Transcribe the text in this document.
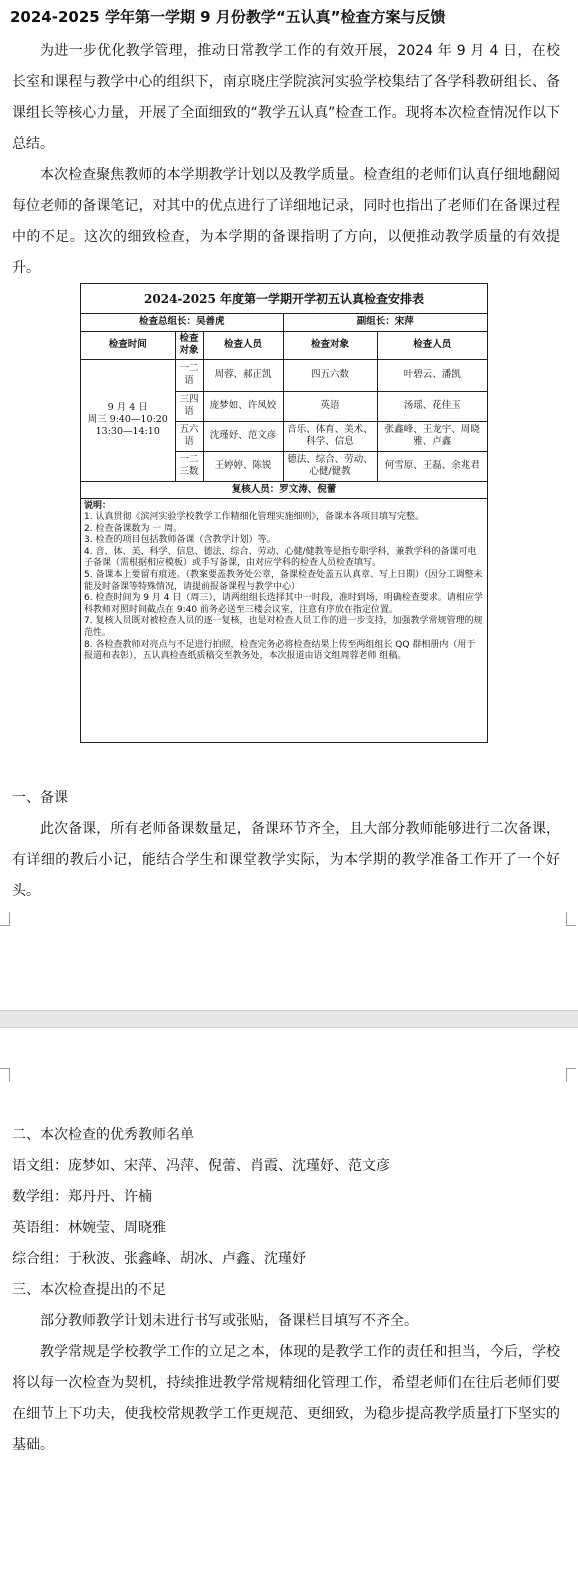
2024-2025 学年第一学期 9 月份教学“五认真”检查方案与反馈

为进一步优化教学管理，推动日常教学工作的有效开展，2024 年 9 月 4 日，在校长室和课程与教学中心的组织下，南京晓庄学院滨河实验学校集结了各学科教研组长、备课组长等核心力量，开展了全面细致的“教学五认真”检查工作。现将本次检查情况作以下总结。

本次检查聚焦教师的本学期教学计划以及教学质量。检查组的老师们认真仔细地翻阅每位老师的备课笔记，对其中的优点进行了详细地记录，同时也指出了老师们在备课过程中的不足。这次的细致检查，为本学期的备课指明了方向，以便推动教学质量的有效提升。

2024-2025 年度第一学期开学初五认真检查安排表
检查总组长：吴善虎			副组长：宋萍	
检查时间	检查对象	检查人员	检查对象	检查人员

9 月 4 日
周三 9:40—10:20
13:30—14:10	一二语	周蓉、郝正凯	四五六数	叶碧云、潘凯
	三四语	庞梦如、许凤姣	英语	汤瑶、花佳玉
	五六语	沈瑾妤、范文彦	音乐、体育、美术、科学、信息	张鑫峰、王龙宇、周晓雅、卢鑫
	一二三数	王婷婷、陈锐	德法、综合、劳动、心健/健教	何雪原、王磊、余兆君
复核人员：罗文涛、倪蕾				
说明：
1. 认真贯彻《滨河实验学校教学工作精细化管理实施细则》，备课本各项目填写完整。
2. 检查备课数为 一 周。
3. 检查的项目包括教师备课（含教学计划）等。
4. 音、体、美、科学、信息、德法、综合、劳动、心健/健教等是指专职学科，兼教学科的备课可电子备课（需根据相应模板）或手写备课，由对应学科的检查人员检查填写。
5. 备课本上要留有痕迹。（教案要盖教务处公章，备课检查处盖五认真章、写上日期）（因分工调整未能及时备课等特殊情况，请提前报备课程与教学中心）
6. 检查时间为 9 月 4 日（周三），请两组组长选择其中一时段，准时到场，明确检查要求。请相应学科教师对照时间截点在 9:40 前务必送至三楼会议室，注意有序放在指定位置。
7. 复核人员既对被检查人员的逐一复核，也是对检查人员工作的进一步支持，加强教学常规管理的规范性。
8. 各检查教师对亮点与不足进行拍照，检查完务必将检查结果上传至两组组长 QQ 群相册内（用于报道和表彰），五认真检查纸质稿交至教务处，本次报道由语文组周蓉老师 组稿。
一、备课

此次备课，所有老师备课数量足，备课环节齐全，且大部分教师能够进行二次备课，有详细的教后小记，能结合学生和课堂教学实际，为本学期的教学准备工作开了一个好头。

二、本次检查的优秀教师名单
语文组：庞梦如、宋萍、冯萍、倪蕾、肖霞、沈瑾妤、范文彦
数学组：郑丹丹、许楠
英语组：林婉莹、周晓雅
综合组：于秋波、张鑫峰、胡冰、卢鑫、沈瑾妤
三、本次检查提出的不足

部分教师教学计划未进行书写或张贴，备课栏目填写不齐全。

教学常规是学校教学工作的立足之本，体现的是教学工作的责任和担当，今后，学校将以每一次检查为契机，持续推进教学常规精细化管理工作，希望老师们在往后老师们要在细节上下功夫，使我校常规教学工作更规范、更细致，为稳步提高教学质量打下坚实的基础。
